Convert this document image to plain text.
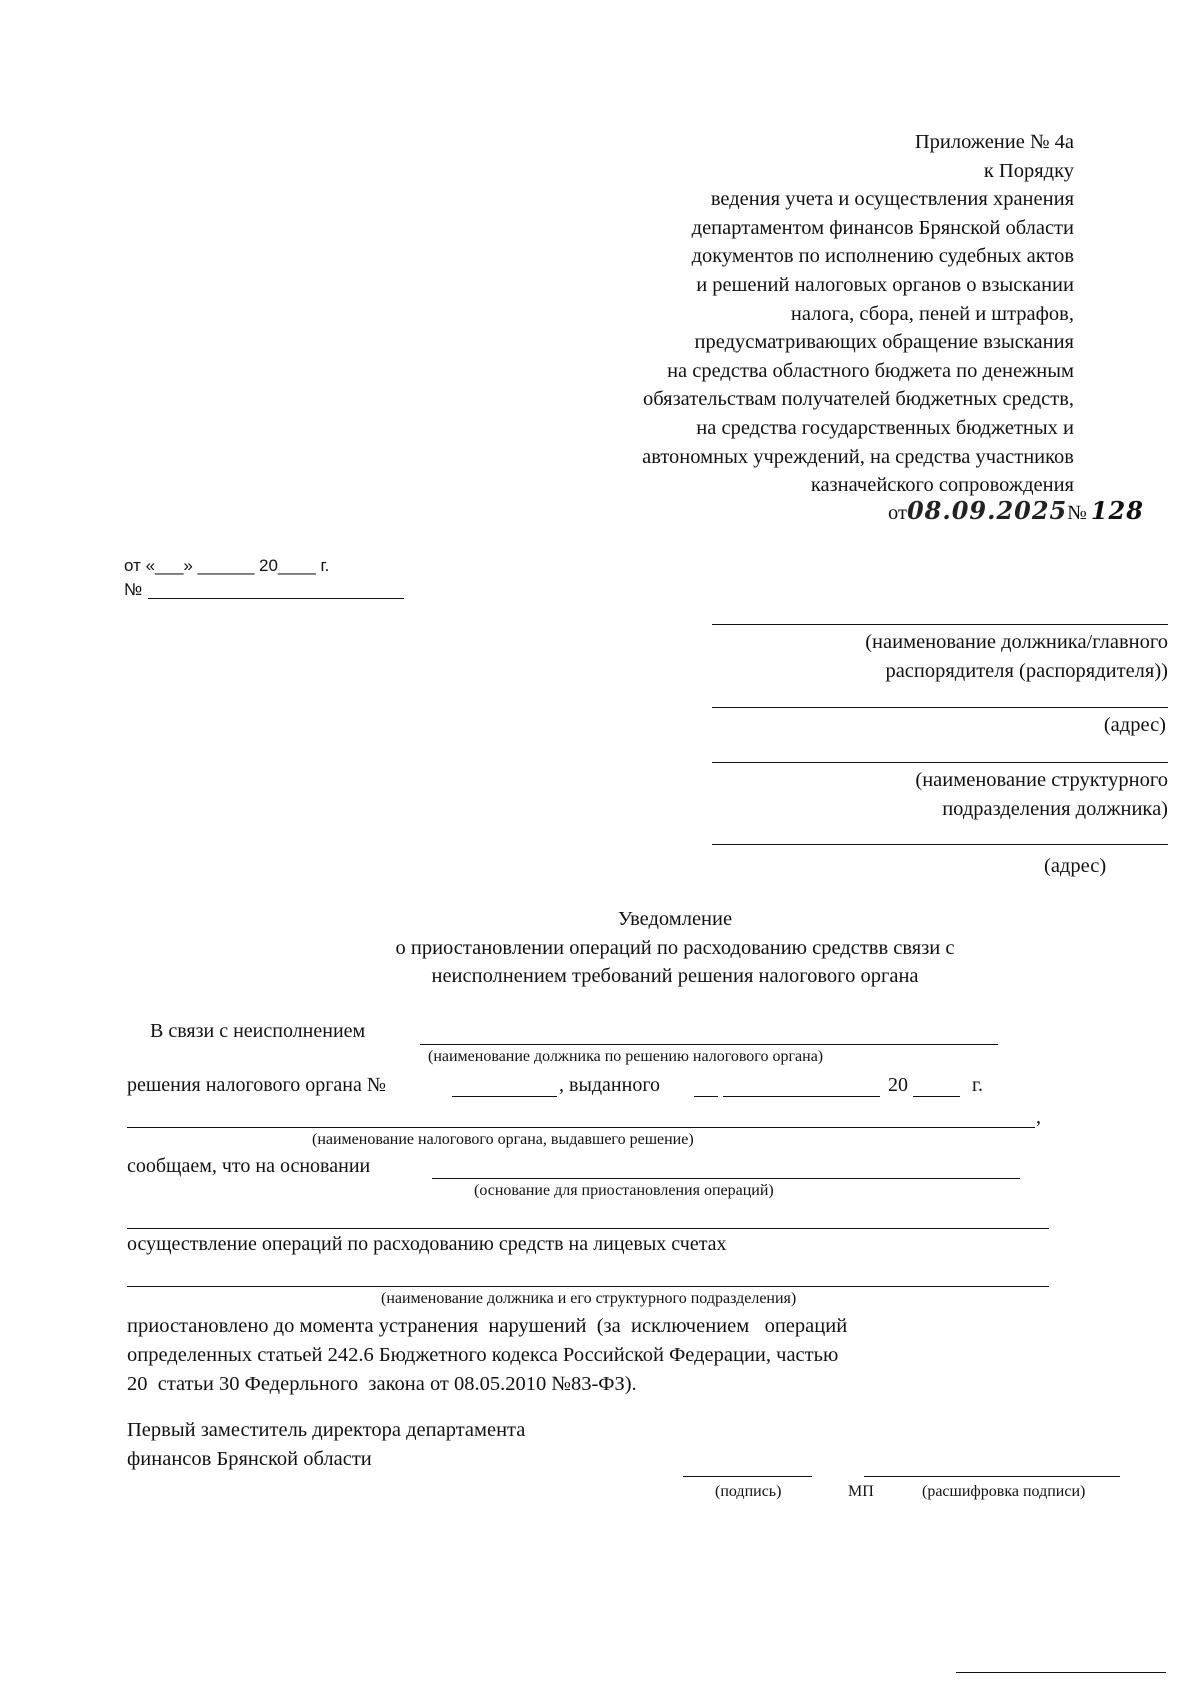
Приложение № 4а
к Порядку
ведения учета и осуществления хранения
департаментом финансов Брянской области
документов по исполнению судебных актов
и решений налоговых органов о взыскании
налога, сбора, пеней и штрафов,
предусматривающих обращение взыскания
на средства областного бюджета по денежным
обязательствам получателей бюджетных средств,
на средства государственных бюджетных и
автономных учреждений, на средства участников
казначейского сопровождения
от08.09.2025№ 128
от «___» ______ 20____ г.
№
(наименование должника/главного
распорядителя (распорядителя))
(адрес)
(наименование структурного
подразделения должника)
(адрес)
Уведомление
о приостановлении операций по расходованию средствв связи с
неисполнением требований решения налогового органа
В связи с неисполнением
(наименование должника по решению налогового органа)
решения налогового органа №	, выданного	20	г.
,
(наименование налогового органа, выдавшего решение)
сообщаем, что на основании
(основание для приостановления операций)
осуществление операций по расходованию средств на лицевых счетах
(наименование должника и его структурного подразделения)
приостановлено до момента устранения  нарушений  (за  исключением   операций
определенных статьей 242.6 Бюджетного кодекса Российской Федерации, частью
20  статьи 30 Федерльного  закона от 08.05.2010 №83-ФЗ).
Первый заместитель директора департамента
финансов Брянской области
(подпись)	МП	(расшифровка подписи)
